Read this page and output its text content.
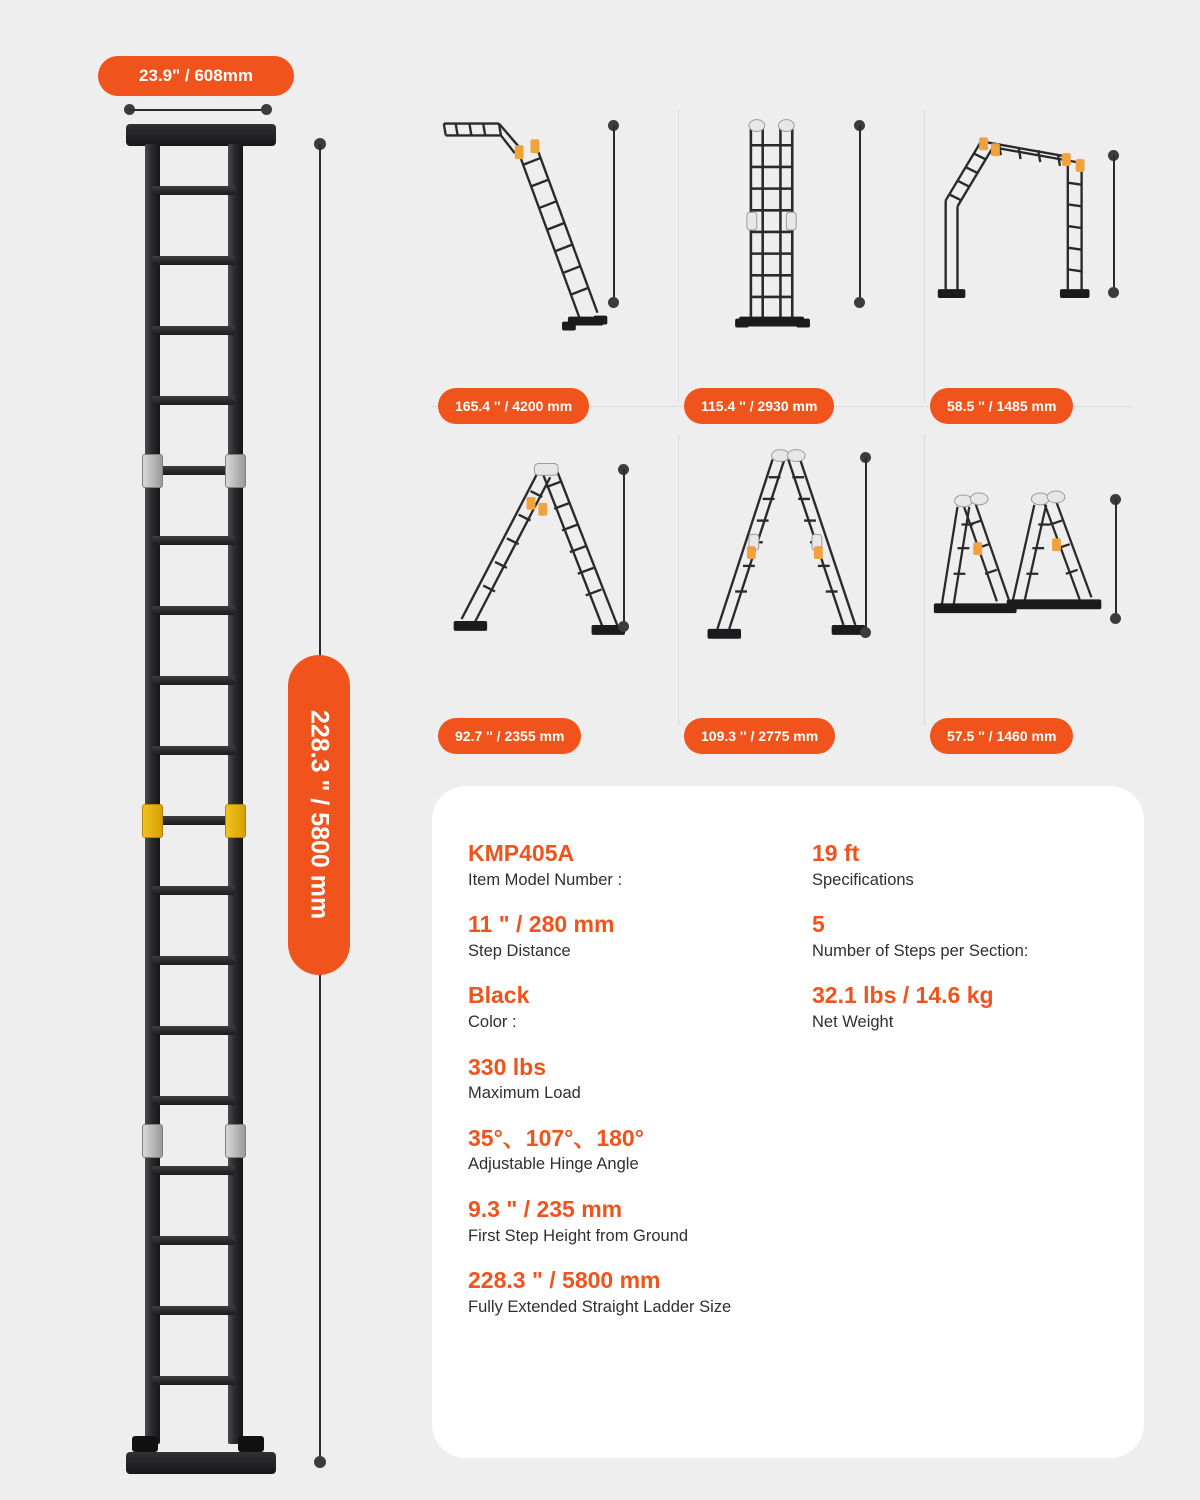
23.9" / 608mm
228.3 " / 5800 mm
165.4 '' / 4200 mm	115.4 '' / 2930 mm	58.5 '' / 1485 mm
92.7 '' / 2355 mm	109.3 '' / 2775 mm	57.5 '' / 1460 mm
KMP405A
Item Model Number :
11 " / 280 mm
Step Distance
Black
Color :
330 lbs
Maximum Load
35°、107°、180°
Adjustable Hinge Angle
9.3 " / 235 mm
First Step Height from Ground
228.3 " / 5800 mm
Fully Extended Straight Ladder Size
19 ft
Specifications
5
Number of Steps per Section:
32.1 lbs / 14.6 kg
Net Weight
